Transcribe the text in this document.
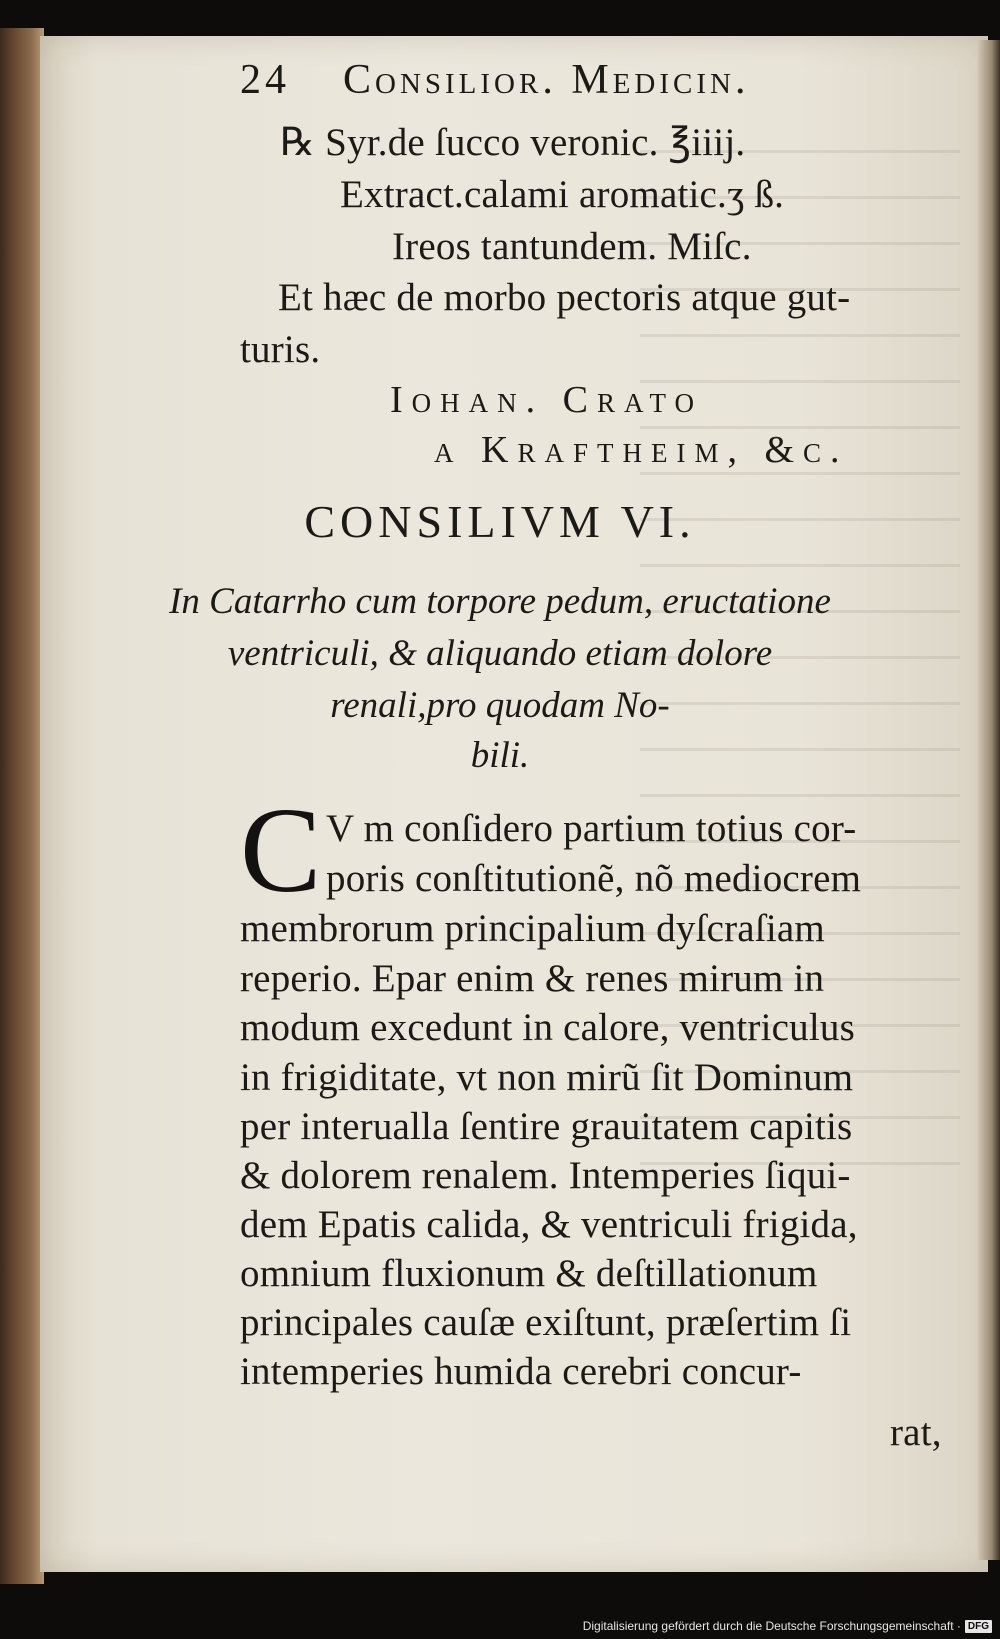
24 Consilior. Medicin.
℞ Syr.de ſucco veronic. ℥iiij.
Extract.calami aromatic.ʒ ß.
Ireos tantundem. Miſc.
Et hæc de morbo pectoris atque gut-
turis.
Iohan. Crato
a Kraftheim, &c.
CONSILIVM VI.
In Catarrho cum torpore pedum, eructatione
ventriculi, & aliquando etiam dolore
renali,pro quodam No-
bili.
C V m conſidero partium totius cor-
poris conſtitutionẽ, nõ mediocrem
membrorum principalium dyſcraſiam
reperio. Epar enim & renes mirum in
modum excedunt in calore, ventriculus
in frigiditate, vt non mirũ ſit Dominum
per interualla ſentire grauitatem capitis
& dolorem renalem. Intemperies ſiqui-
dem Epatis calida, & ventriculi frigida,
omnium fluxionum & deſtillationum
principales cauſæ exiſtunt, præſertim ſi
intemperies humida cerebri concur-
rat,
Digitalisierung gefördert durch die Deutsche Forschungsgemeinschaft · DFG
